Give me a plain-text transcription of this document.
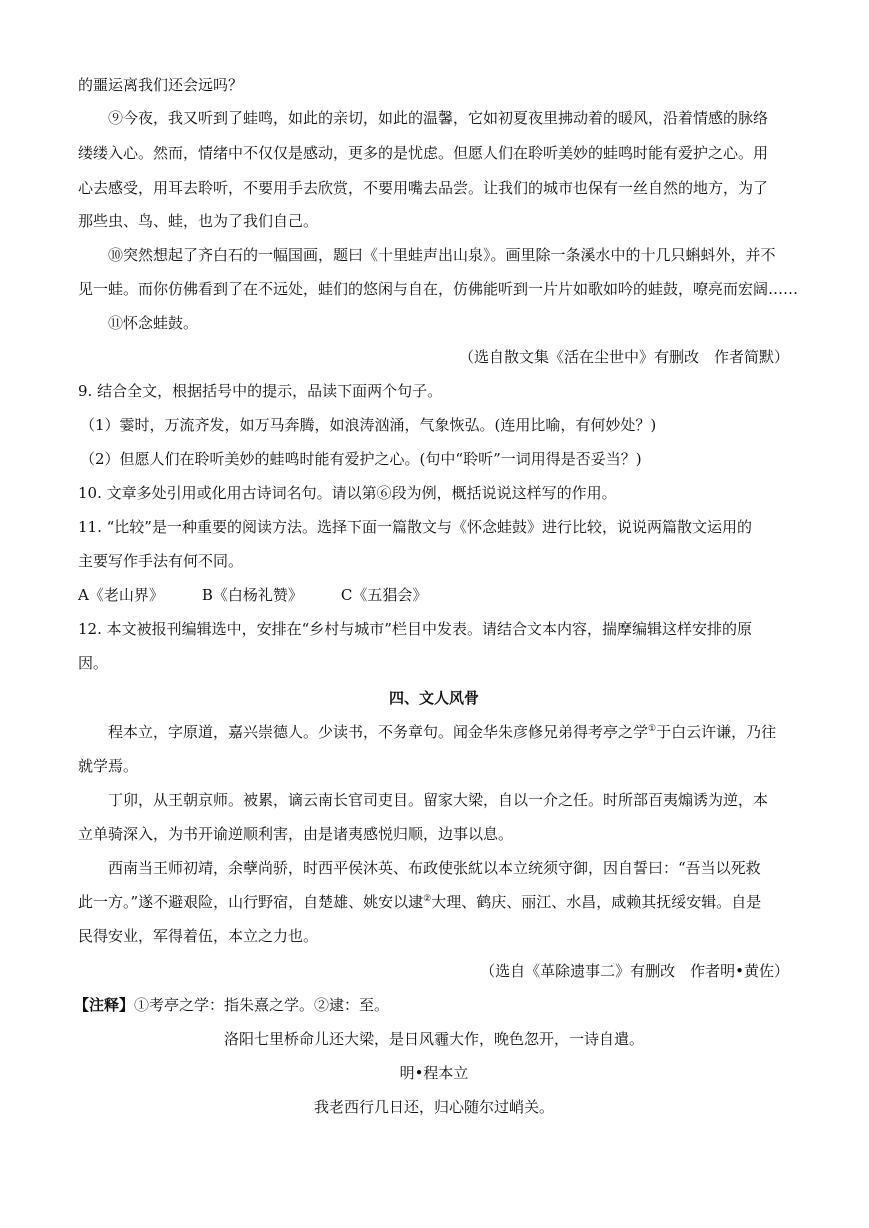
的噩运离我们还会远吗？
⑨今夜，我又听到了蛙鸣，如此的亲切，如此的温馨，它如初夏夜里拂动着的暖风，沿着情感的脉络
缕缕入心。然而，情绪中不仅仅是感动，更多的是忧虑。但愿人们在聆听美妙的蛙鸣时能有爱护之心。用
心去感受，用耳去聆听，不要用手去欣赏，不要用嘴去品尝。让我们的城市也保有一丝自然的地方，为了
那些虫、鸟、蛙，也为了我们自己。
⑩突然想起了齐白石的一幅国画，题曰《十里蛙声出山泉》。画里除一条溪水中的十几只蝌蚪外，并不
见一蛙。而你仿佛看到了在不远处，蛙们的悠闲与自在，仿佛能听到一片片如歌如吟的蛙鼓，嘹亮而宏阔……
⑪怀念蛙鼓。
（选自散文集《活在尘世中》有删改　作者简默）
9. 结合全文，根据括号中的提示，品读下面两个句子。
（1）霎时，万流齐发，如万马奔腾，如浪涛汹涌，气象恢弘。(连用比喻，有何妙处？)
（2）但愿人们在聆听美妙的蛙鸣时能有爱护之心。(句中“聆听”一词用得是否妥当？)
10. 文章多处引用或化用古诗词名句。请以第⑥段为例，概括说说这样写的作用。
11. “比较”是一种重要的阅读方法。选择下面一篇散文与《怀念蛙鼓》进行比较，说说两篇散文运用的
主要写作手法有何不同。
A《老山界》	B《白杨礼赞》	C《五猖会》
12. 本文被报刊编辑选中，安排在“乡村与城市”栏目中发表。请结合文本内容，揣摩编辑这样安排的原
因。
四、文人风骨
程本立，字原道，嘉兴崇德人。少读书，不务章句。闻金华朱彦修兄弟得考亭之学①于白云许谦，乃往
就学焉。
丁卯，从王朝京师。被累，谪云南长官司吏目。留家大梁，自以一介之任。时所部百夷煽诱为逆，本
立单骑深入，为书开谕逆顺利害，由是诸夷感悦归顺，边事以息。
西南当王师初靖，余孽尚骄，时西平侯沐英、布政使张紞以本立统须守御，因自誓曰：“吾当以死救
此一方。”遂不避艰险，山行野宿，自楚雄、姚安以逮②大理、鹤庆、丽江、水昌，咸赖其抚绥安辑。自是
民得安业，军得着伍，本立之力也。
（选自《革除遗事二》有删改　作者明•黄佐）
【注释】①考亭之学：指朱熹之学。②逮：至。
洛阳七里桥命儿还大梁，是日风霾大作，晚色忽开，一诗自遣。
明•程本立
我老西行几日还，归心随尔过峭关。
